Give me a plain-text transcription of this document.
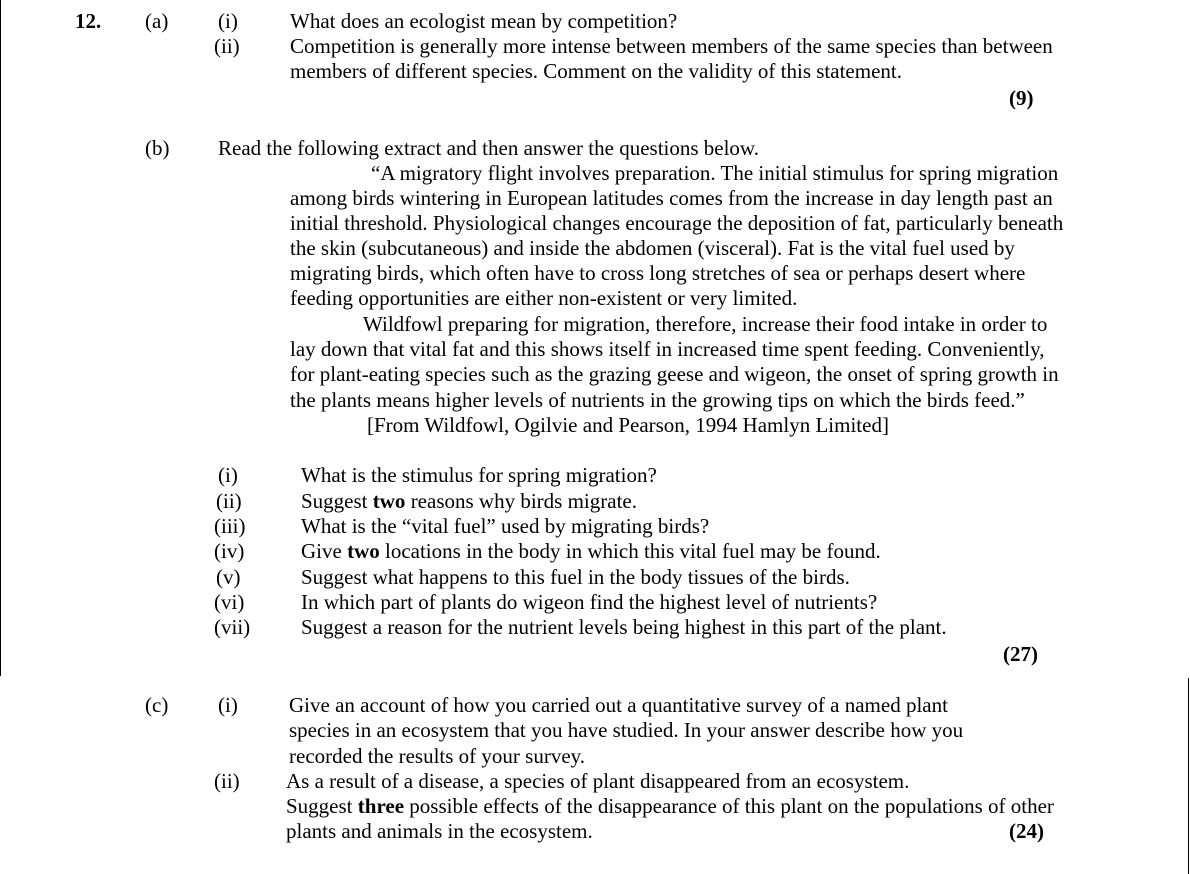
12. (a) (i) What does an ecologist mean by competition?
(ii) Competition is generally more intense between members of the same species than between
members of different species. Comment on the validity of this statement.
(9)
(b) Read the following extract and then answer the questions below.
“A migratory flight involves preparation. The initial stimulus for spring migration
among birds wintering in European latitudes comes from the increase in day length past an
initial threshold. Physiological changes encourage the deposition of fat, particularly beneath
the skin (subcutaneous) and inside the abdomen (visceral). Fat is the vital fuel used by
migrating birds, which often have to cross long stretches of sea or perhaps desert where
feeding opportunities are either non-existent or very limited.
Wildfowl preparing for migration, therefore, increase their food intake in order to
lay down that vital fat and this shows itself in increased time spent feeding. Conveniently,
for plant-eating species such as the grazing geese and wigeon, the onset of spring growth in
the plants means higher levels of nutrients in the growing tips on which the birds feed.”
[From Wildfowl, Ogilvie and Pearson, 1994 Hamlyn Limited]
(i)	What is the stimulus for spring migration?
(ii)	Suggest two reasons why birds migrate.
(iii)	What is the “vital fuel” used by migrating birds?
(iv)	Give two locations in the body in which this vital fuel may be found.
(v)	Suggest what happens to this fuel in the body tissues of the birds.
(vi)	In which part of plants do wigeon find the highest level of nutrients?
(vii) Suggest a reason for the nutrient levels being highest in this part of the plant.
(27)
(c) (i) Give an account of how you carried out a quantitative survey of a named plant
species in an ecosystem that you have studied. In your answer describe how you
recorded the results of your survey.
(ii) As a result of a disease, a species of plant disappeared from an ecosystem.
Suggest three possible effects of the disappearance of this plant on the populations of other
plants and animals in the ecosystem.	(24)
